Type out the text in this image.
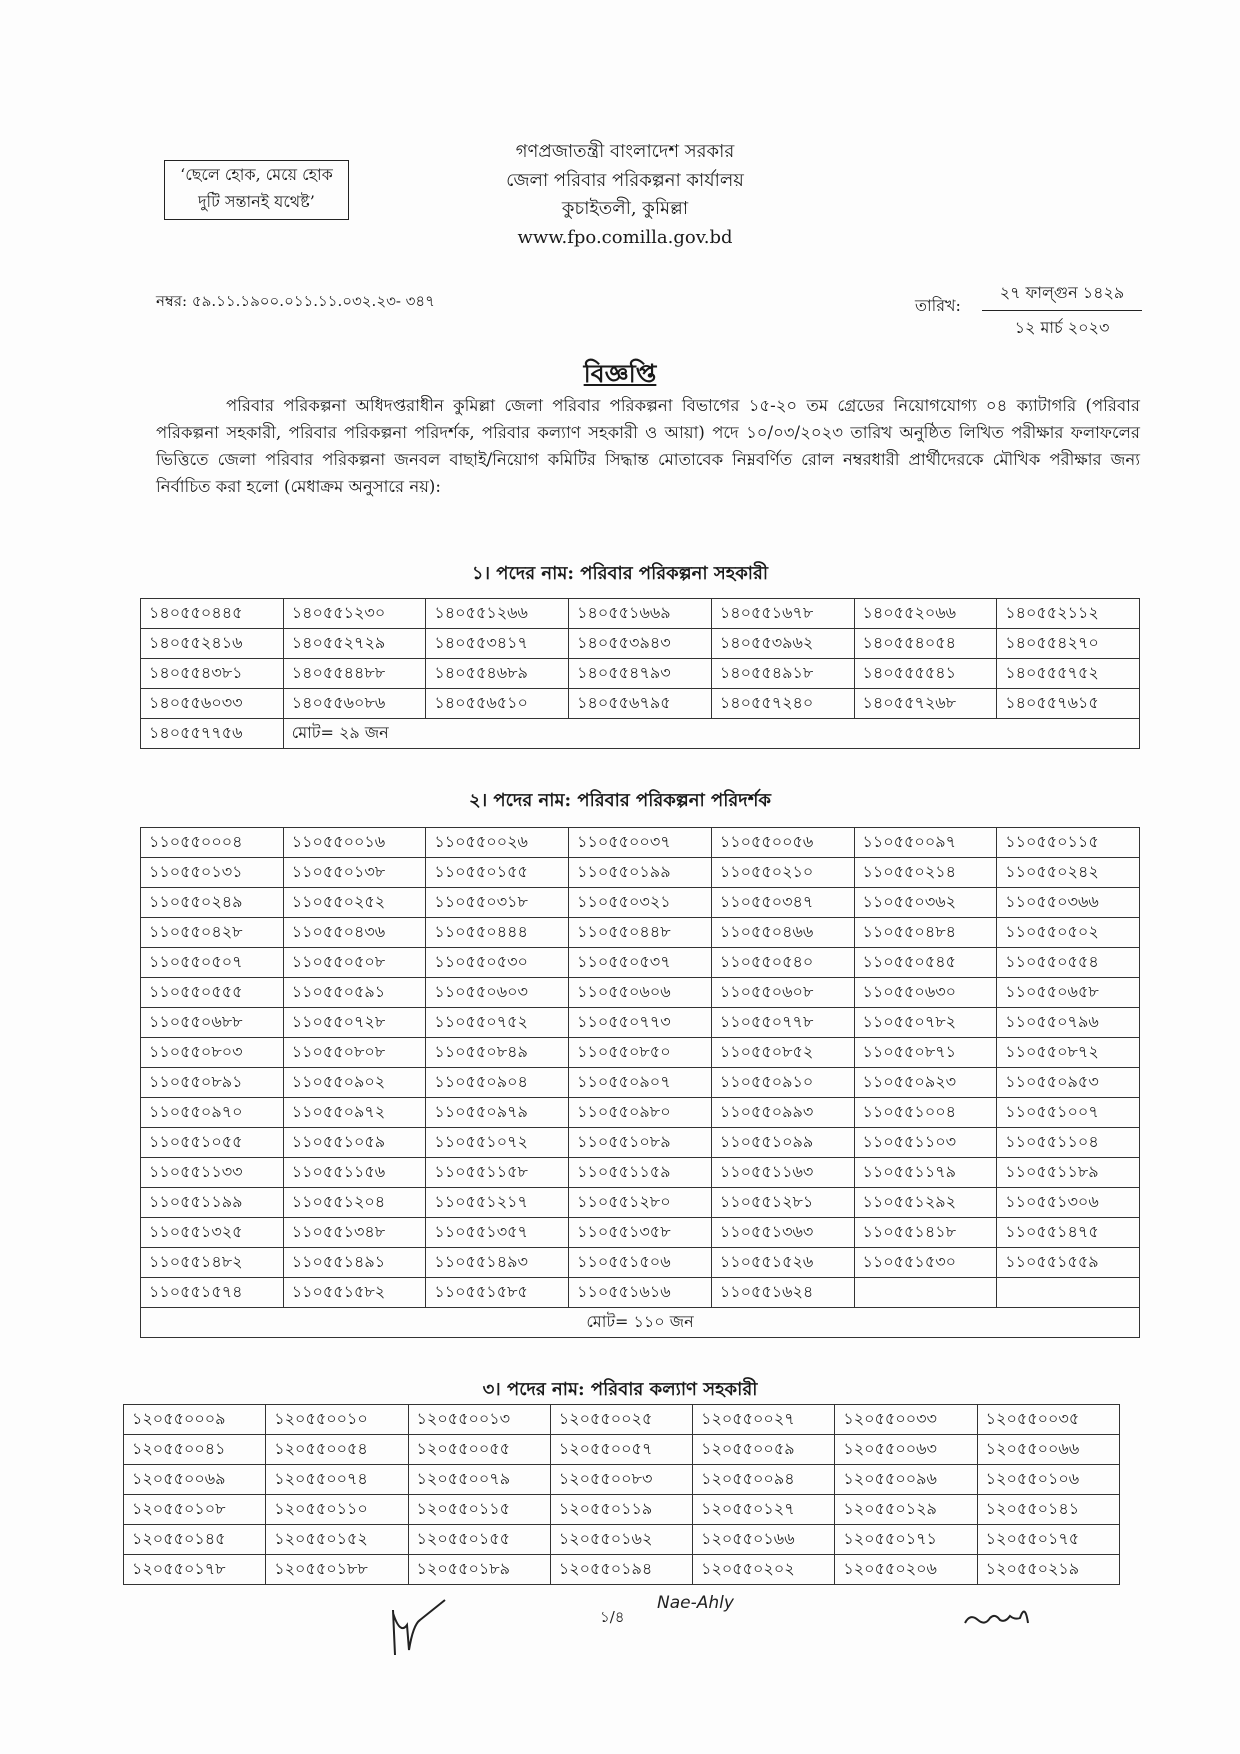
‘ছেলে হোক, মেয়ে হোক
দুটি সন্তানই যথেষ্ট’
গণপ্রজাতন্ত্রী বাংলাদেশ সরকার
জেলা পরিবার পরিকল্পনা কার্যালয়
কুচাইতলী, কুমিল্লা
www.fpo.comilla.gov.bd
নম্বর: ৫৯.১১.১৯০০.০১১.১১.০৩২.২৩- ৩৪৭	তারিখ:
২৭ ফাল্গুন ১৪২৯
১২ মার্চ ২০২৩
বিজ্ঞপ্তি
পরিবার পরিকল্পনা অধিদপ্তরাধীন কুমিল্লা জেলা পরিবার পরিকল্পনা বিভাগের ১৫-২০ তম গ্রেডের নিয়োগযোগ্য ০৪ ক্যাটাগরি (পরিবার পরিকল্পনা সহকারী, পরিবার পরিকল্পনা পরিদর্শক, পরিবার কল্যাণ সহকারী ও আয়া) পদে ১০/০৩/২০২৩ তারিখ অনুষ্ঠিত লিখিত পরীক্ষার ফলাফলের ভিত্তিতে জেলা পরিবার পরিকল্পনা জনবল বাছাই/নিয়োগ কমিটির সিদ্ধান্ত মোতাবেক নিম্নবর্ণিত রোল নম্বরধারী প্রার্থীদেরকে মৌখিক পরীক্ষার জন্য নির্বাচিত করা হলো (মেধাক্রম অনুসারে নয়):
১। পদের নাম: পরিবার পরিকল্পনা সহকারী
১৪০৫৫০৪৪৫	১৪০৫৫১২৩০	১৪০৫৫১২৬৬	১৪০৫৫১৬৬৯	১৪০৫৫১৬৭৮	১৪০৫৫২০৬৬	১৪০৫৫২১১২
১৪০৫৫২৪১৬	১৪০৫৫২৭২৯	১৪০৫৫৩৪১৭	১৪০৫৫৩৯৪৩	১৪০৫৫৩৯৬২	১৪০৫৫৪০৫৪	১৪০৫৫৪২৭০
১৪০৫৫৪৩৮১	১৪০৫৫৪৪৮৮	১৪০৫৫৪৬৮৯	১৪০৫৫৪৭৯৩	১৪০৫৫৪৯১৮	১৪০৫৫৫৫৪১	১৪০৫৫৫৭৫২
১৪০৫৫৬০৩৩	১৪০৫৫৬০৮৬	১৪০৫৫৬৫১০	১৪০৫৫৬৭৯৫	১৪০৫৫৭২৪০	১৪০৫৫৭২৬৮	১৪০৫৫৭৬১৫
১৪০৫৫৭৭৫৬	মোট= ২৯ জন					
২। পদের নাম: পরিবার পরিকল্পনা পরিদর্শক
১১০৫৫০০০৪	১১০৫৫০০১৬	১১০৫৫০০২৬	১১০৫৫০০৩৭	১১০৫৫০০৫৬	১১০৫৫০০৯৭	১১০৫৫০১১৫
১১০৫৫০১৩১	১১০৫৫০১৩৮	১১০৫৫০১৫৫	১১০৫৫০১৯৯	১১০৫৫০২১০	১১০৫৫০২১৪	১১০৫৫০২৪২
১১০৫৫০২৪৯	১১০৫৫০২৫২	১১০৫৫০৩১৮	১১০৫৫০৩২১	১১০৫৫০৩৪৭	১১০৫৫০৩৬২	১১০৫৫০৩৬৬
১১০৫৫০৪২৮	১১০৫৫০৪৩৬	১১০৫৫০৪৪৪	১১০৫৫০৪৪৮	১১০৫৫০৪৬৬	১১০৫৫০৪৮৪	১১০৫৫০৫০২
১১০৫৫০৫০৭	১১০৫৫০৫০৮	১১০৫৫০৫৩০	১১০৫৫০৫৩৭	১১০৫৫০৫৪০	১১০৫৫০৫৪৫	১১০৫৫০৫৫৪
১১০৫৫০৫৫৫	১১০৫৫০৫৯১	১১০৫৫০৬০৩	১১০৫৫০৬০৬	১১০৫৫০৬০৮	১১০৫৫০৬৩০	১১০৫৫০৬৫৮
১১০৫৫০৬৮৮	১১০৫৫০৭২৮	১১০৫৫০৭৫২	১১০৫৫০৭৭৩	১১০৫৫০৭৭৮	১১০৫৫০৭৮২	১১০৫৫০৭৯৬
১১০৫৫০৮০৩	১১০৫৫০৮০৮	১১০৫৫০৮৪৯	১১০৫৫০৮৫০	১১০৫৫০৮৫২	১১০৫৫০৮৭১	১১০৫৫০৮৭২
১১০৫৫০৮৯১	১১০৫৫০৯০২	১১০৫৫০৯০৪	১১০৫৫০৯০৭	১১০৫৫০৯১০	১১০৫৫০৯২৩	১১০৫৫০৯৫৩
১১০৫৫০৯৭০	১১০৫৫০৯৭২	১১০৫৫০৯৭৯	১১০৫৫০৯৮০	১১০৫৫০৯৯৩	১১০৫৫১০০৪	১১০৫৫১০০৭
১১০৫৫১০৫৫	১১০৫৫১০৫৯	১১০৫৫১০৭২	১১০৫৫১০৮৯	১১০৫৫১০৯৯	১১০৫৫১১০৩	১১০৫৫১১০৪
১১০৫৫১১৩৩	১১০৫৫১১৫৬	১১০৫৫১১৫৮	১১০৫৫১১৫৯	১১০৫৫১১৬৩	১১০৫৫১১৭৯	১১০৫৫১১৮৯
১১০৫৫১১৯৯	১১০৫৫১২০৪	১১০৫৫১২১৭	১১০৫৫১২৮০	১১০৫৫১২৮১	১১০৫৫১২৯২	১১০৫৫১৩০৬
১১০৫৫১৩২৫	১১০৫৫১৩৪৮	১১০৫৫১৩৫৭	১১০৫৫১৩৫৮	১১০৫৫১৩৬৩	১১০৫৫১৪১৮	১১০৫৫১৪৭৫
১১০৫৫১৪৮২	১১০৫৫১৪৯১	১১০৫৫১৪৯৩	১১০৫৫১৫০৬	১১০৫৫১৫২৬	১১০৫৫১৫৩০	১১০৫৫১৫৫৯
১১০৫৫১৫৭৪	১১০৫৫১৫৮২	১১০৫৫১৫৮৫	১১০৫৫১৬১৬	১১০৫৫১৬২৪		
মোট= ১১০ জন						
৩। পদের নাম: পরিবার কল্যাণ সহকারী
১২০৫৫০০০৯	১২০৫৫০০১০	১২০৫৫০০১৩	১২০৫৫০০২৫	১২০৫৫০০২৭	১২০৫৫০০৩৩	১২০৫৫০০৩৫
১২০৫৫০০৪১	১২০৫৫০০৫৪	১২০৫৫০০৫৫	১২০৫৫০০৫৭	১২০৫৫০০৫৯	১২০৫৫০০৬৩	১২০৫৫০০৬৬
১২০৫৫০০৬৯	১২০৫৫০০৭৪	১২০৫৫০০৭৯	১২০৫৫০০৮৩	১২০৫৫০০৯৪	১২০৫৫০০৯৬	১২০৫৫০১০৬
১২০৫৫০১০৮	১২০৫৫০১১০	১২০৫৫০১১৫	১২০৫৫০১১৯	১২০৫৫০১২৭	১২০৫৫০১২৯	১২০৫৫০১৪১
১২০৫৫০১৪৫	১২০৫৫০১৫২	১২০৫৫০১৫৫	১২০৫৫০১৬২	১২০৫৫০১৬৬	১২০৫৫০১৭১	১২০৫৫০১৭৫
১২০৫৫০১৭৮	১২০৫৫০১৮৮	১২০৫৫০১৮৯	১২০৫৫০১৯৪	১২০৫৫০২০২	১২০৫৫০২০৬	১২০৫৫০২১৯
১/৪
Nae-Ahly
